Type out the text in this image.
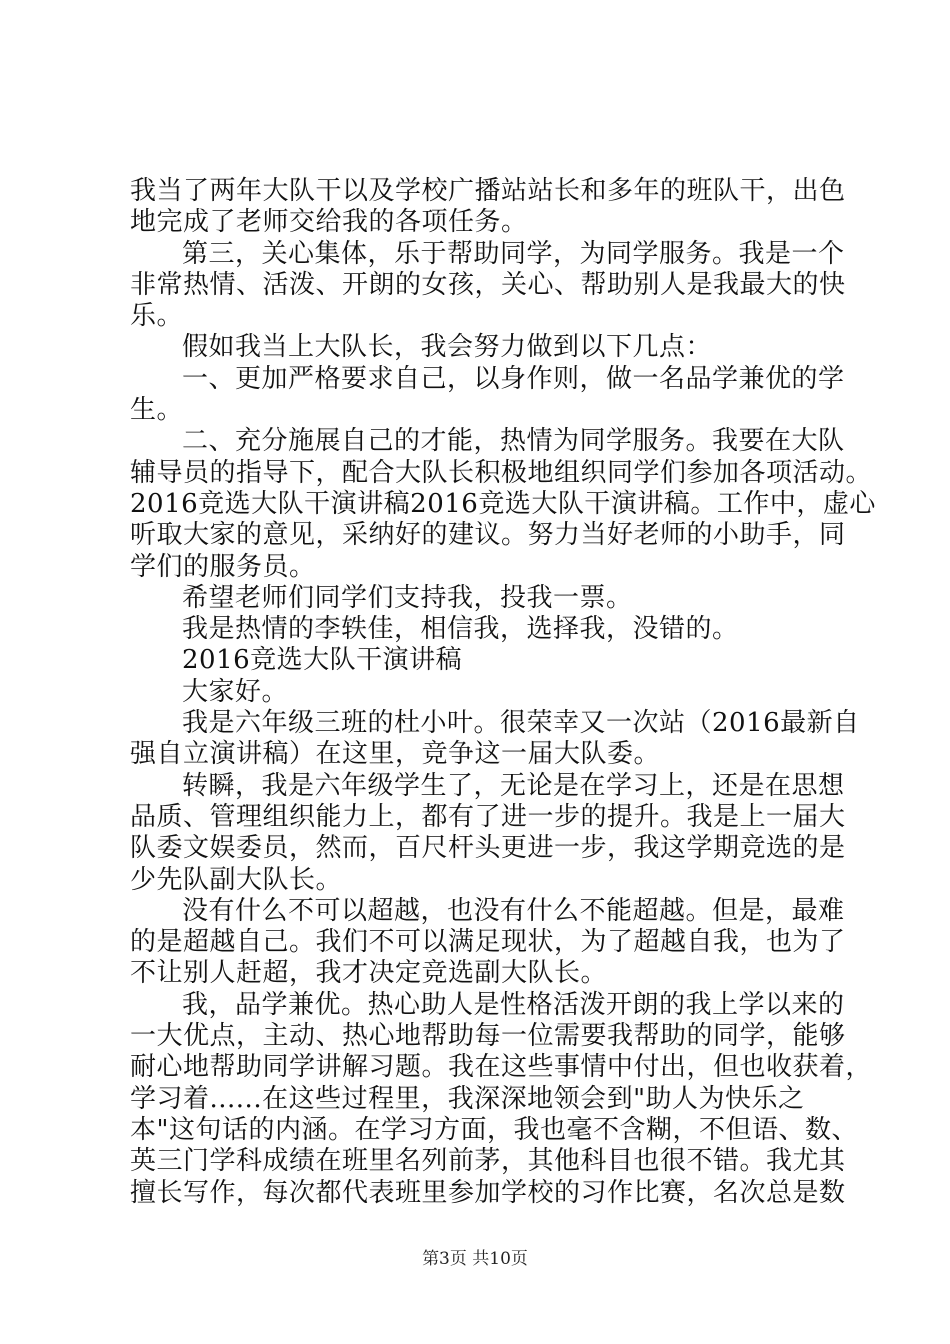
我当了两年大队干以及学校广播站站长和多年的班队干，出色
地完成了老师交给我的各项任务。
第三，关心集体，乐于帮助同学，为同学服务。我是一个
非常热情、活泼、开朗的女孩，关心、帮助别人是我最大的快
乐。
假如我当上大队长，我会努力做到以下几点：
一、更加严格要求自己，以身作则，做一名品学兼优的学
生。
二、充分施展自己的才能，热情为同学服务。我要在大队
辅导员的指导下，配合大队长积极地组织同学们参加各项活动。
2016竞选大队干演讲稿2016竞选大队干演讲稿。工作中，虚心
听取大家的意见，采纳好的建议。努力当好老师的小助手，同
学们的服务员。
希望老师们同学们支持我，投我一票。
我是热情的李轶佳，相信我，选择我，没错的。
2016竞选大队干演讲稿
大家好。
我是六年级三班的杜小叶。很荣幸又一次站（2016最新自
强自立演讲稿）在这里，竞争这一届大队委。
转瞬，我是六年级学生了，无论是在学习上，还是在思想
品质、管理组织能力上，都有了进一步的提升。我是上一届大
队委文娱委员，然而，百尺杆头更进一步，我这学期竞选的是
少先队副大队长。
没有什么不可以超越，也没有什么不能超越。但是，最难
的是超越自己。我们不可以满足现状，为了超越自我，也为了
不让别人赶超，我才决定竞选副大队长。
我，品学兼优。热心助人是性格活泼开朗的我上学以来的
一大优点，主动、热心地帮助每一位需要我帮助的同学，能够
耐心地帮助同学讲解习题。我在这些事情中付出，但也收获着，
学习着......在这些过程里，我深深地领会到"助人为快乐之
本"这句话的内涵。在学习方面，我也毫不含糊，不但语、数、
英三门学科成绩在班里名列前茅，其他科目也很不错。我尤其
擅长写作，每次都代表班里参加学校的习作比赛，名次总是数
第3页 共10页
